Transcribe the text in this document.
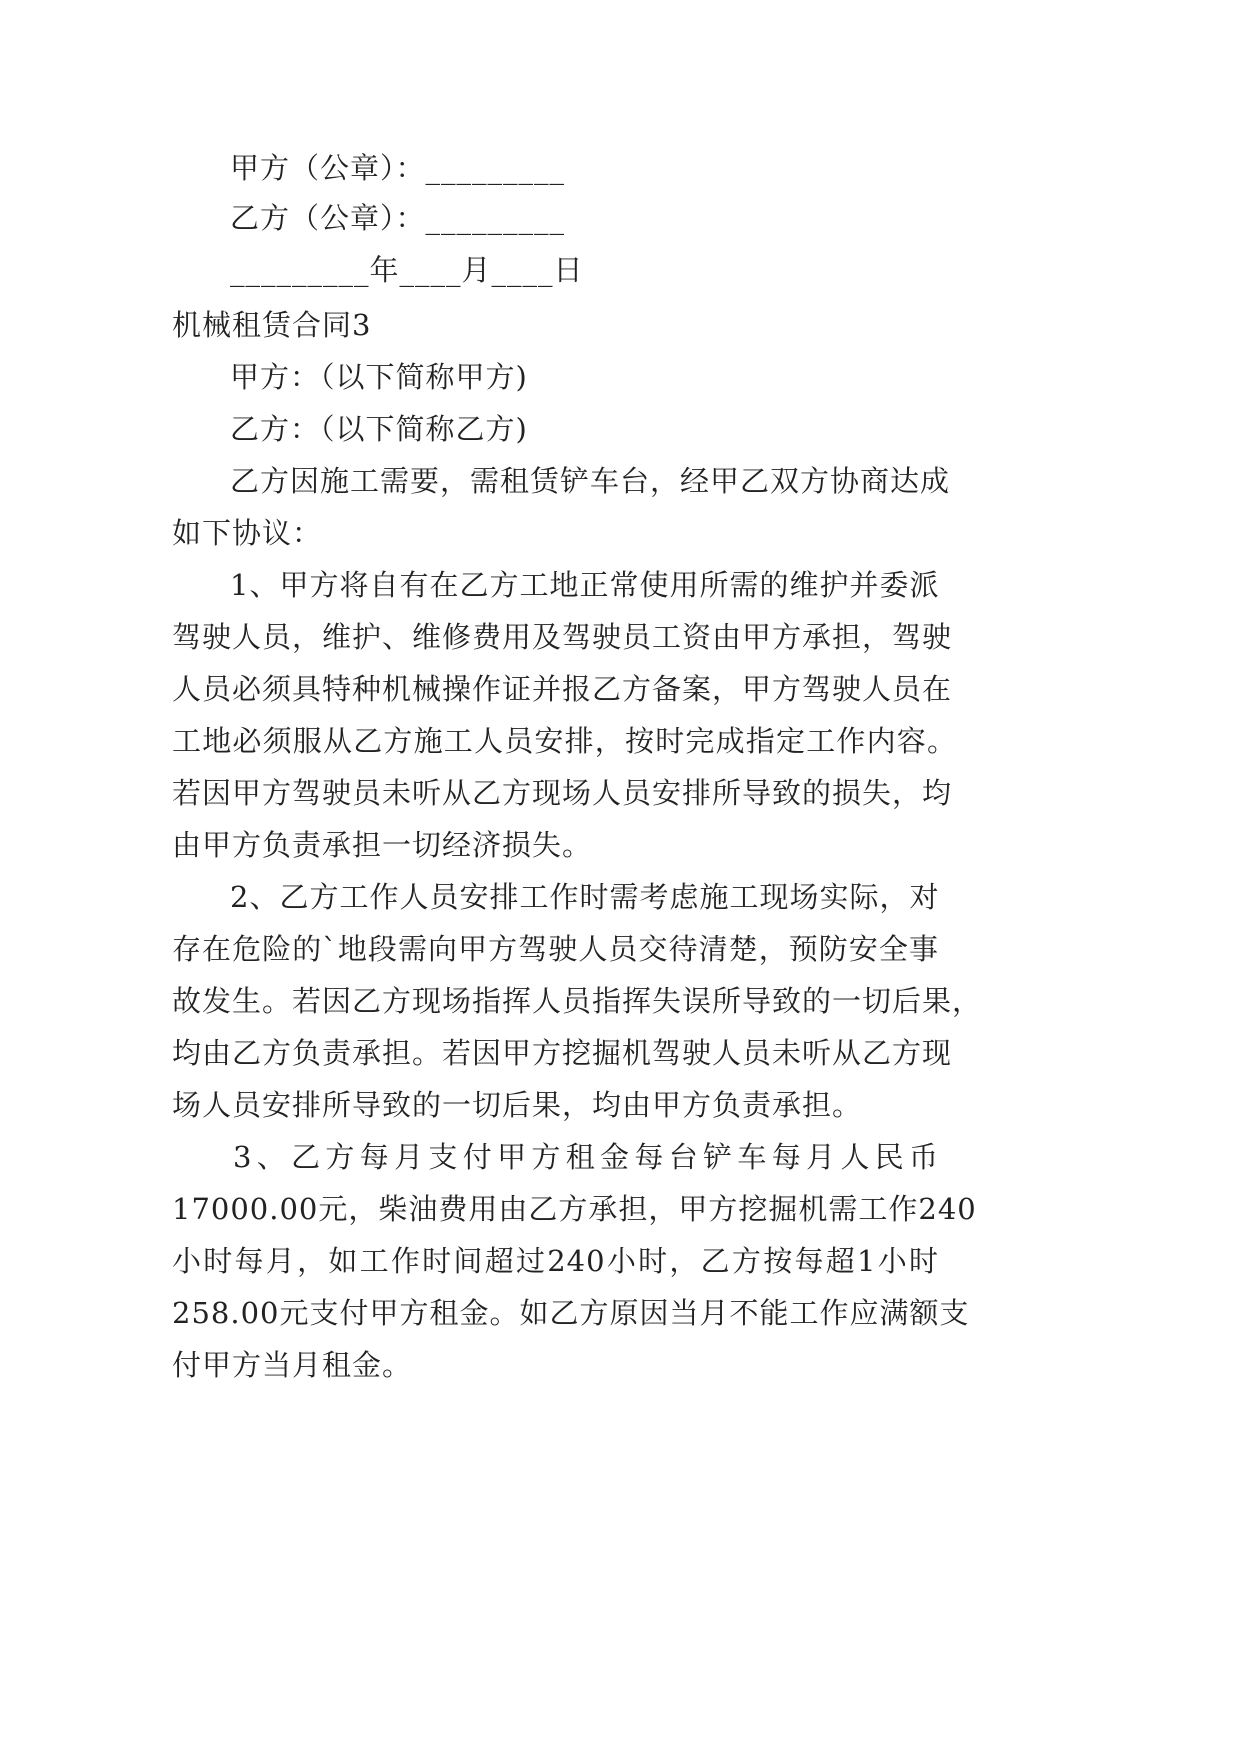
甲方（公章）：_________
乙方（公章）：_________
_________年____月____日
机械租赁合同3
甲方：（以下简称甲方)
乙方：（以下简称乙方)
乙方因施工需要，需租赁铲车台，经甲乙双方协商达成
如下协议：
1、甲方将自有在乙方工地正常使用所需的维护并委派
驾驶人员，维护、维修费用及驾驶员工资由甲方承担，驾驶
人员必须具特种机械操作证并报乙方备案，甲方驾驶人员在
工地必须服从乙方施工人员安排，按时完成指定工作内容。
若因甲方驾驶员未听从乙方现场人员安排所导致的损失，均
由甲方负责承担一切经济损失。
2、乙方工作人员安排工作时需考虑施工现场实际，对
存在危险的`地段需向甲方驾驶人员交待清楚，预防安全事
故发生。若因乙方现场指挥人员指挥失误所导致的一切后果，
均由乙方负责承担。若因甲方挖掘机驾驶人员未听从乙方现
场人员安排所导致的一切后果，均由甲方负责承担。
3、乙方每月支付甲方租金每台铲车每月人民币
17000.00元，柴油费用由乙方承担，甲方挖掘机需工作240
小时每月，如工作时间超过240小时，乙方按每超1小时
258.00元支付甲方租金。如乙方原因当月不能工作应满额支
付甲方当月租金。
